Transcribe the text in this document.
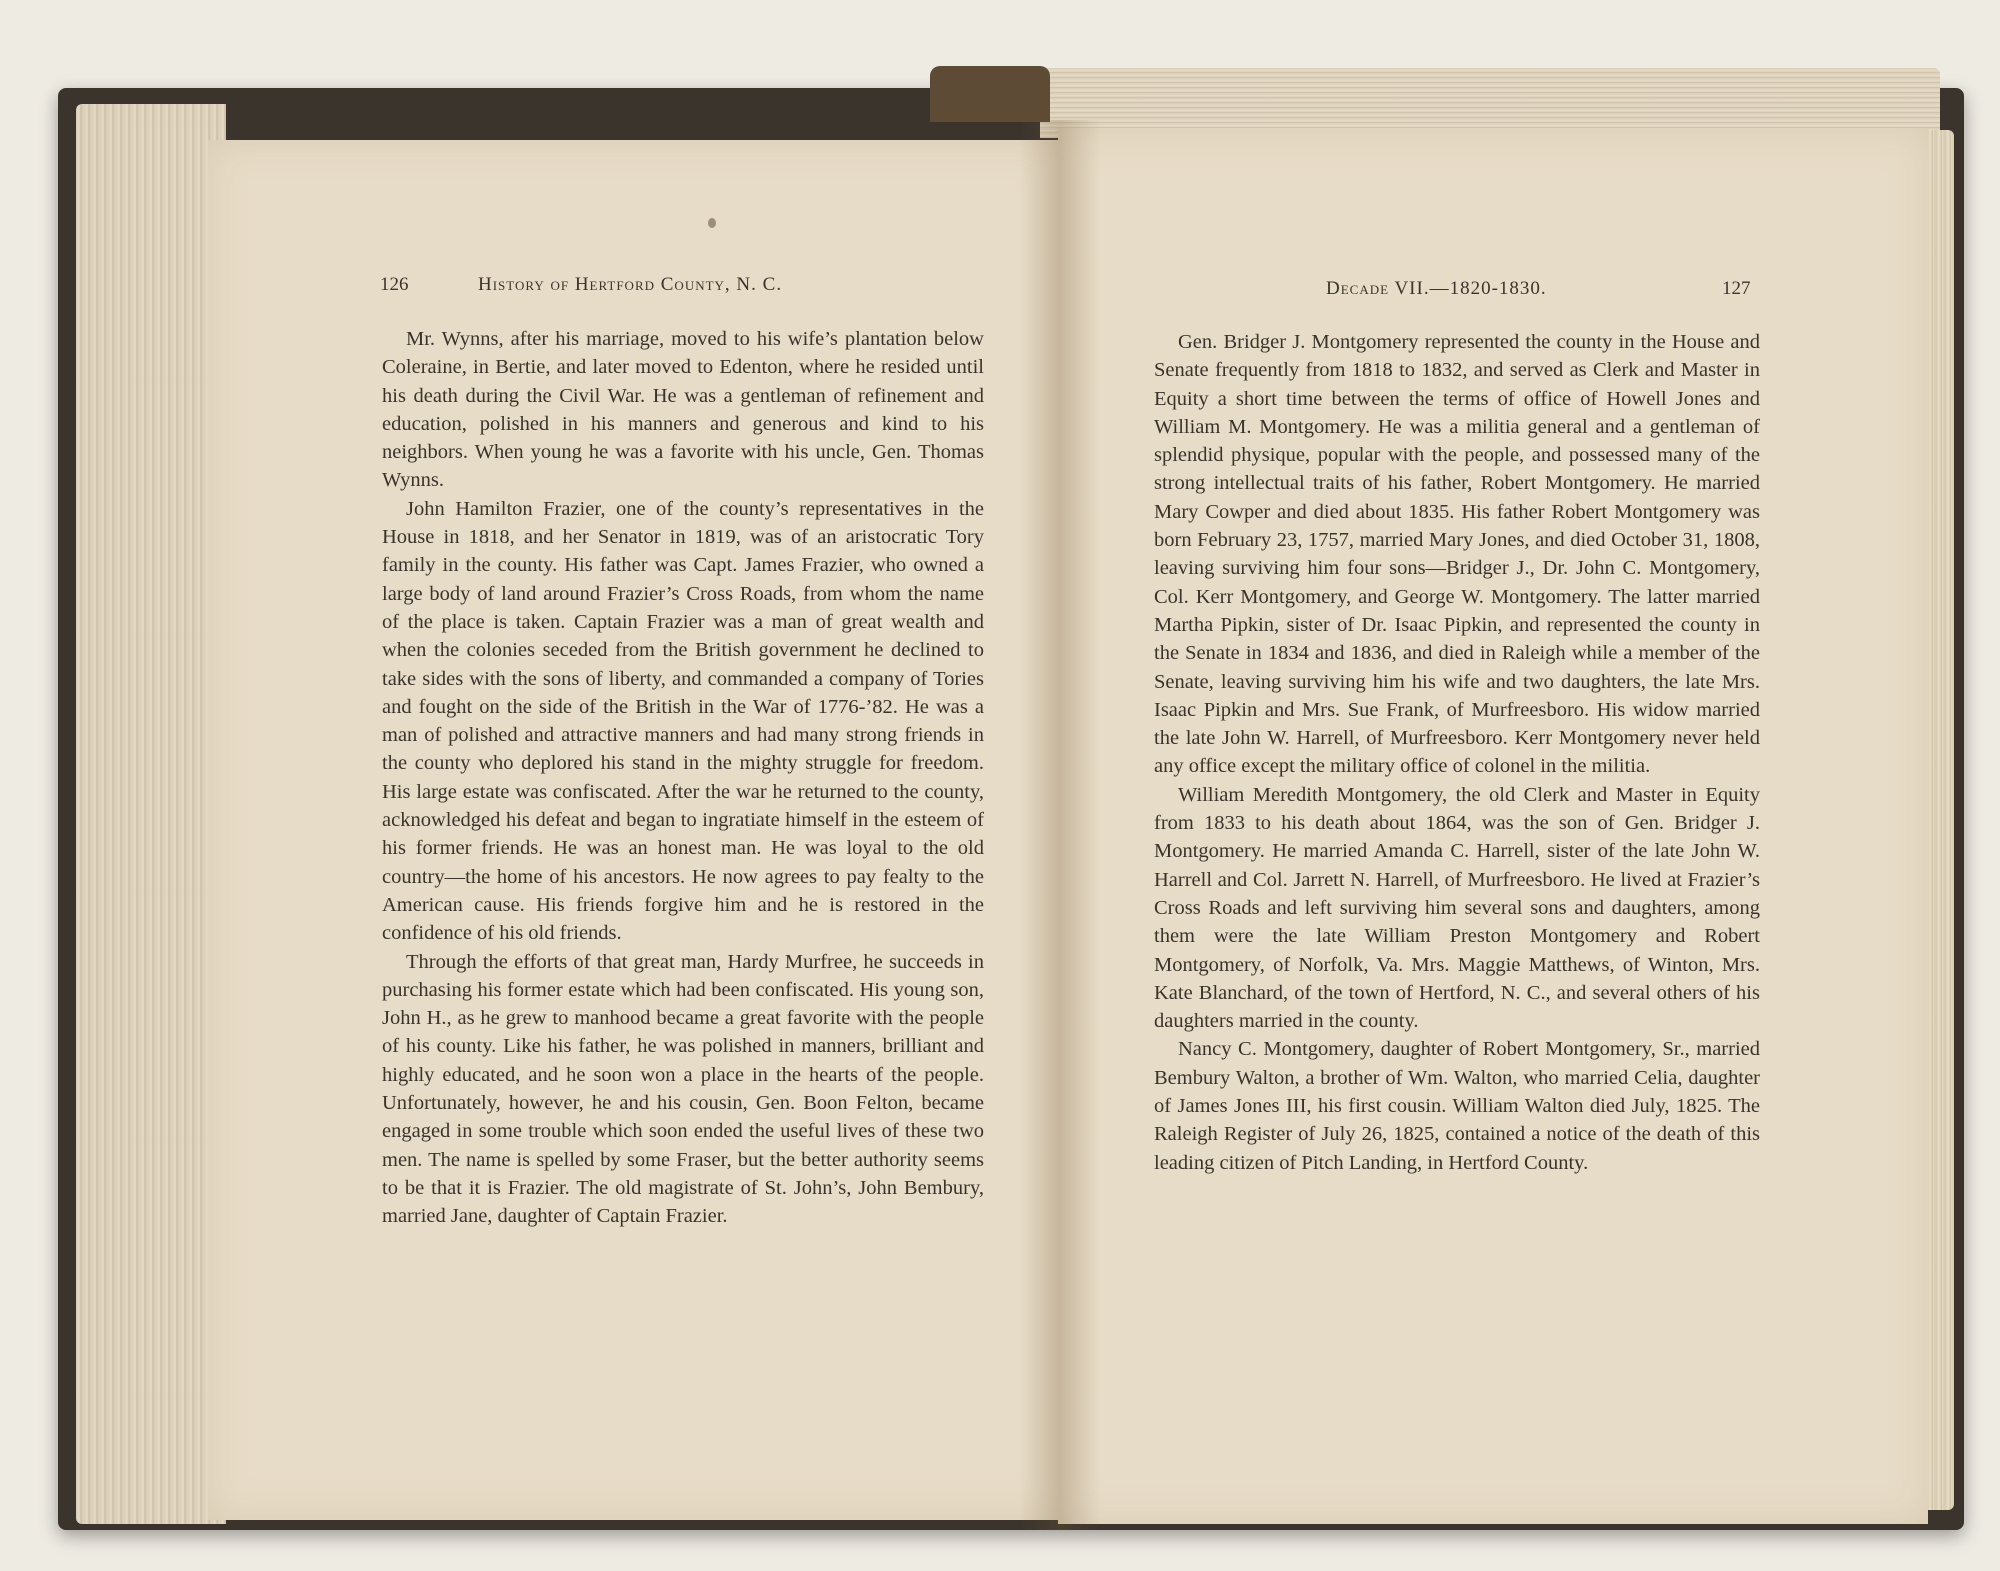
126	History of Hertford County, N. C.

Mr. Wynns, after his marriage, moved to his wife’s plantation below Coleraine, in Bertie, and later moved to Edenton, where he resided until his death during the Civil War. He was a gentleman of refinement and education, polished in his manners and generous and kind to his neighbors. When young he was a favorite with his uncle, Gen. Thomas Wynns.

John Hamilton Frazier, one of the county’s representatives in the House in 1818, and her Senator in 1819, was of an aristocratic Tory family in the county. His father was Capt. James Frazier, who owned a large body of land around Frazier’s Cross Roads, from whom the name of the place is taken. Captain Frazier was a man of great wealth and when the colonies seceded from the British government he declined to take sides with the sons of liberty, and commanded a company of Tories and fought on the side of the British in the War of 1776-’82. He was a man of polished and attractive manners and had many strong friends in the county who deplored his stand in the mighty struggle for freedom. His large estate was confiscated. After the war he returned to the county, acknowledged his defeat and began to ingratiate himself in the esteem of his former friends. He was an honest man. He was loyal to the old country—the home of his ancestors. He now agrees to pay fealty to the American cause. His friends forgive him and he is restored in the confidence of his old friends.

Through the efforts of that great man, Hardy Murfree, he succeeds in purchasing his former estate which had been confiscated. His young son, John H., as he grew to manhood became a great favorite with the people of his county. Like his father, he was polished in manners, brilliant and highly educated, and he soon won a place in the hearts of the people. Unfortunately, however, he and his cousin, Gen. Boon Felton, became engaged in some trouble which soon ended the useful lives of these two men. The name is spelled by some Fraser, but the better authority seems to be that it is Frazier. The old magistrate of St. John’s, John Bembury, married Jane, daughter of Captain Frazier.

Decade VII.—1820-1830.	127

Gen. Bridger J. Montgomery represented the county in the House and Senate frequently from 1818 to 1832, and served as Clerk and Master in Equity a short time between the terms of office of Howell Jones and William M. Montgomery. He was a militia general and a gentleman of splendid physique, popular with the people, and possessed many of the strong intellectual traits of his father, Robert Montgomery. He married Mary Cowper and died about 1835. His father Robert Montgomery was born February 23, 1757, married Mary Jones, and died October 31, 1808, leaving surviving him four sons—Bridger J., Dr. John C. Montgomery, Col. Kerr Montgomery, and George W. Montgomery. The latter married Martha Pipkin, sister of Dr. Isaac Pipkin, and represented the county in the Senate in 1834 and 1836, and died in Raleigh while a member of the Senate, leaving surviving him his wife and two daughters, the late Mrs. Isaac Pipkin and Mrs. Sue Frank, of Murfreesboro. His widow married the late John W. Harrell, of Murfreesboro. Kerr Montgomery never held any office except the military office of colonel in the militia.

William Meredith Montgomery, the old Clerk and Master in Equity from 1833 to his death about 1864, was the son of Gen. Bridger J. Montgomery. He married Amanda C. Harrell, sister of the late John W. Harrell and Col. Jarrett N. Harrell, of Murfreesboro. He lived at Frazier’s Cross Roads and left surviving him several sons and daughters, among them were the late William Preston Montgomery and Robert Montgomery, of Norfolk, Va. Mrs. Maggie Matthews, of Winton, Mrs. Kate Blanchard, of the town of Hertford, N. C., and several others of his daughters married in the county.

Nancy C. Montgomery, daughter of Robert Montgomery, Sr., married Bembury Walton, a brother of Wm. Walton, who married Celia, daughter of James Jones III, his first cousin. William Walton died July, 1825. The Raleigh Register of July 26, 1825, contained a notice of the death of this leading citizen of Pitch Landing, in Hertford County.
